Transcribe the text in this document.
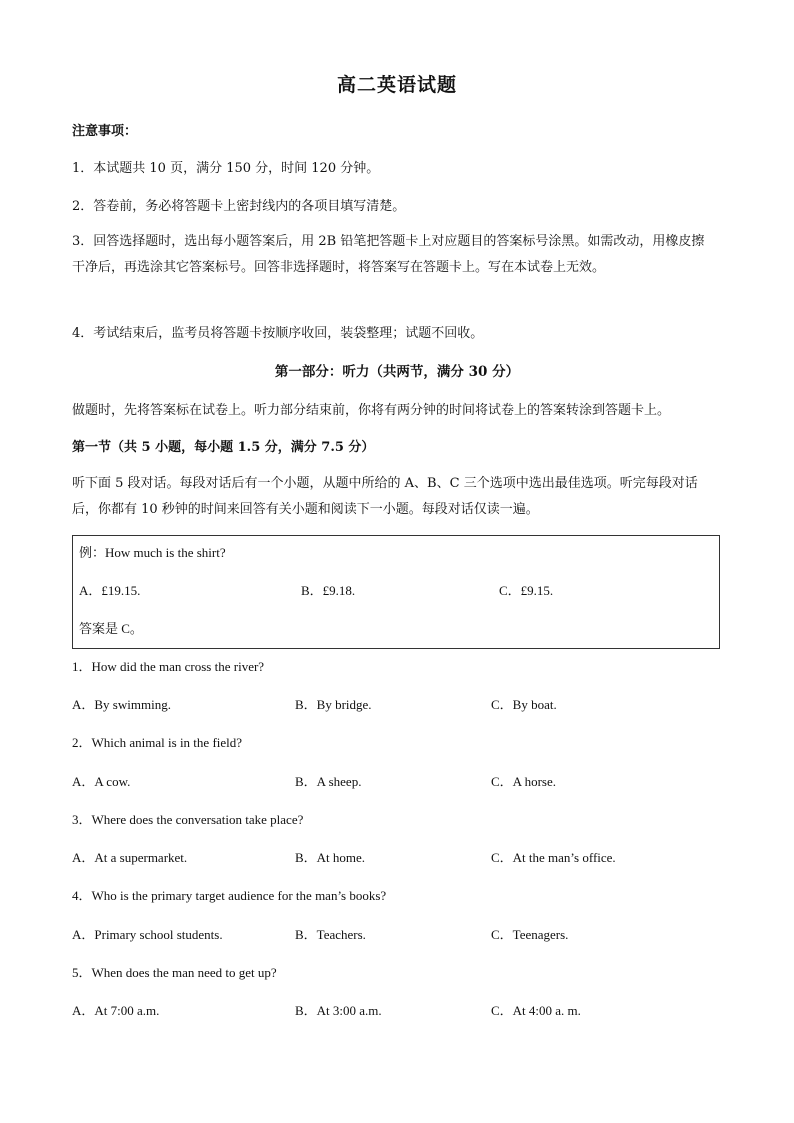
高二英语试题
注意事项：
1．本试题共 10 页，满分 150 分，时间 120 分钟。
2．答卷前，务必将答题卡上密封线内的各项目填写清楚。
3．回答选择题时，选出每小题答案后，用 2B 铅笔把答题卡上对应题目的答案标号涂黑。如需改动，用橡皮擦干净后，再选涂其它答案标号。回答非选择题时，将答案写在答题卡上。写在本试卷上无效。
4．考试结束后，监考员将答题卡按顺序收回，装袋整理；试题不回收。
第一部分：听力（共两节，满分 30 分）
做题时，先将答案标在试卷上。听力部分结束前，你将有两分钟的时间将试卷上的答案转涂到答题卡上。
第一节（共 5 小题，每小题 1.5 分，满分 7.5 分）
听下面 5 段对话。每段对话后有一个小题，从题中所给的 A、B、C 三个选项中选出最佳选项。听完每段对话后，你都有 10 秒钟的时间来回答有关小题和阅读下一小题。每段对话仅读一遍。
例：How much is the shirt?
A．£19.15.	B．£9.18.	C．£9.15.
答案是 C。
1．How did the man cross the river?
A．By swimming.	B．By bridge.	C．By boat.
2．Which animal is in the field?
A．A cow.	B．A sheep.	C．A horse.
3．Where does the conversation take place?
A．At a supermarket.	B．At home.	C．At the man’s office.
4．Who is the primary target audience for the man’s books?
A．Primary school students.	B．Teachers.	C．Teenagers.
5．When does the man need to get up?
A．At 7:00 a.m.	B．At 3:00 a.m.	C．At 4:00 a. m.
